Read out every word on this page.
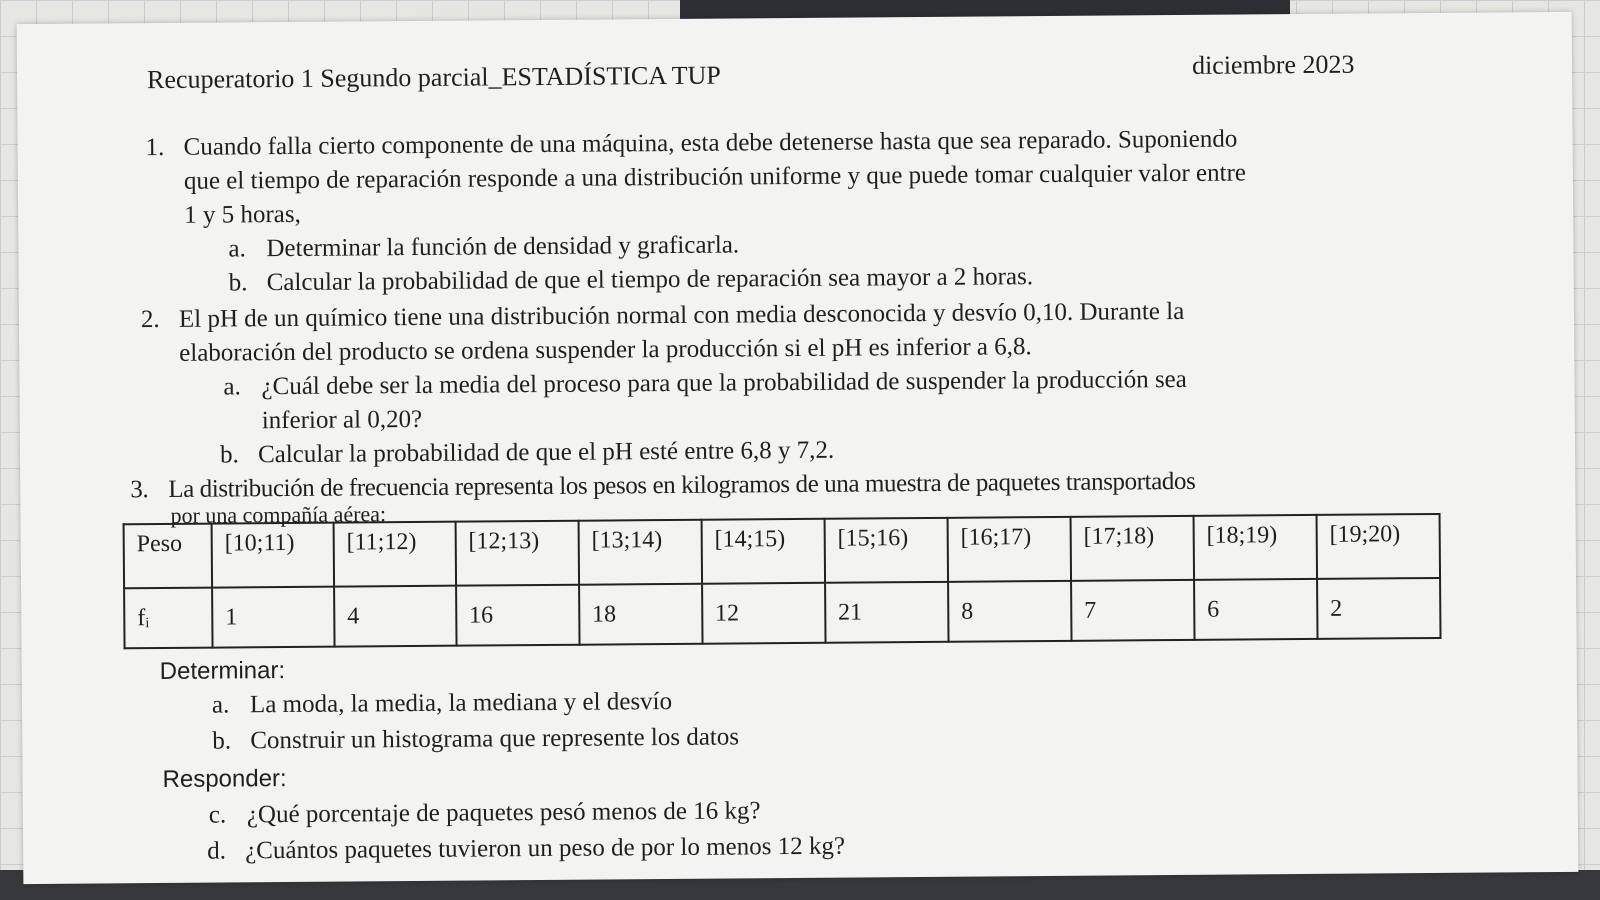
Recuperatorio 1 Segundo parcial_ESTADÍSTICA TUP	diciembre 2023
1. Cuando falla cierto componente de una máquina, esta debe detenerse hasta que sea reparado. Suponiendo
que el tiempo de reparación responde a una distribución uniforme y que puede tomar cualquier valor entre
1 y 5 horas,
a. Determinar la función de densidad y graficarla.
b. Calcular la probabilidad de que el tiempo de reparación sea mayor a 2 horas.
2. El pH de un químico tiene una distribución normal con media desconocida y desvío 0,10. Durante la
elaboración del producto se ordena suspender la producción si el pH es inferior a 6,8.
a. ¿Cuál debe ser la media del proceso para que la probabilidad de suspender la producción sea
inferior al 0,20?
b. Calcular la probabilidad de que el pH esté entre 6,8 y 7,2.
3. La distribución de frecuencia representa los pesos en kilogramos de una muestra de paquetes transportados
por una compañía aérea:
Peso	[10;11)	[11;12)	[12;13)	[13;14)	[14;15)	[15;16)	[16;17)	[17;18)	[18;19)	[19;20)
fᵢ	1	4	16	18	12	21	8	7	6	2
Determinar:
a. La moda, la media, la mediana y el desvío
b. Construir un histograma que represente los datos
Responder:
c. ¿Qué porcentaje de paquetes pesó menos de 16 kg?
d. ¿Cuántos paquetes tuvieron un peso de por lo menos 12 kg?
